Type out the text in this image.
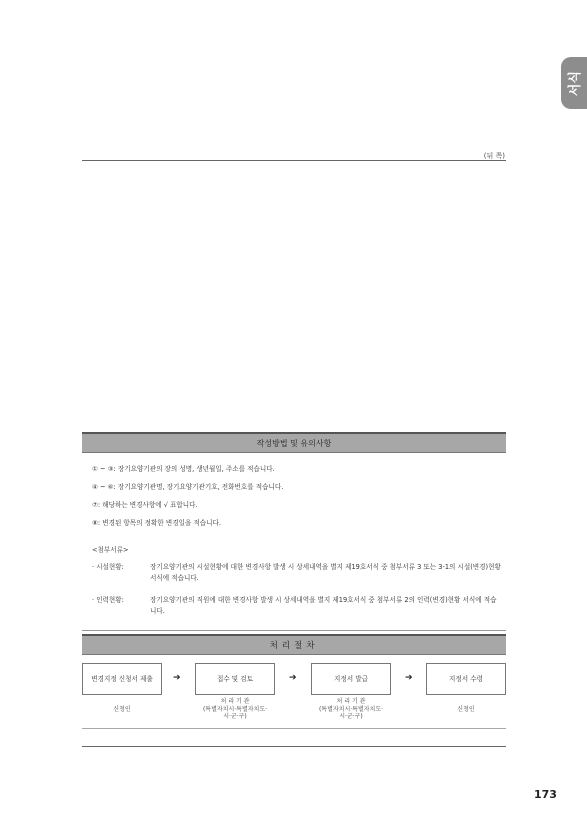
서식
(뒤 쪽)
작성방법 및 유의사항
① ~ ③: 장기요양기관의 장의 성명, 생년월일, 주소를 적습니다.
④ ~ ⑥: 장기요양기관명, 장기요양기관기호, 전화번호를 적습니다.
⑦: 해당하는 변경사항에 √ 표합니다.
⑧: 변경된 항목의 정확한 변경일을 적습니다.
<첨부서류>
· 시설현황:	장기요양기관의 시설현황에 대한 변경사항 발생 시 상세내역을 별지 제19호서식 중 첨부서류 3 또는 3-1의 시설(변경)현황 서식에 적습니다.
· 인력현황:	장기요양기관의 직원에 대한 변경사항 발생 시 상세내역을 별지 제19호서식 중 첨부서류 2의 인력(변경)현황 서식에 적습니다.
처리절차
변경지정 신청서 제출	➔	접수 및 검토	➔	지정서 발급	➔	지정서 수령
신청인
처 리 기 관
(특별자치시·특별자치도·
시·군·구)
처 리 기 관
(특별자치시·특별자치도·
시·군·구)
신청인
173
